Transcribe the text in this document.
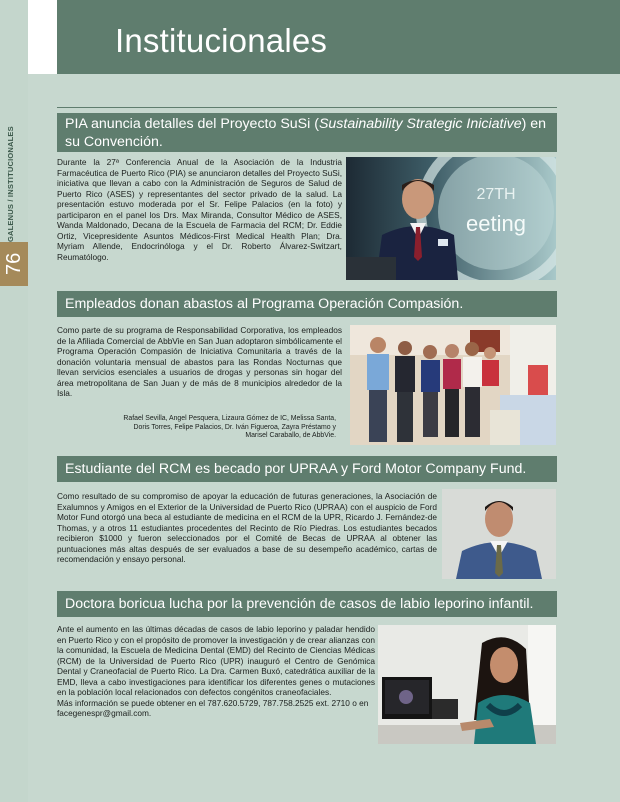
GALENUS / INSTITUCIONALES
76
Institucionales
PIA anuncia detalles del Proyecto SuSi (Sustainability Strategic Iniciative) en su Convención.
Durante la 27ª Conferencia Anual de la Asociación de la Industria Farmacéutica de Puerto Rico (PIA) se anunciaron detalles del Proyecto SuSi, iniciativa que llevan a cabo con la Administración de Seguros de Salud de Puerto Rico (ASES) y representantes del sector privado de la salud. La presentación estuvo moderada por el Sr. Felipe Palacios (en la foto) y participaron en el panel los Drs. Max Miranda, Consultor Médico de ASES, Wanda Maldonado, Decana de la Escuela de Farmacia del RCM; Dr. Eddie Ortiz, Vicepresidente Asuntos Médicos-First Medical Health Plan; Dra. Myriam Allende, Endocrinóloga y el Dr. Roberto Álvarez-Switzart, Reumatólogo.
27TH
eeting
Empleados donan abastos al Programa Operación Compasión.
Como parte de su programa de Responsabilidad Corporativa, los empleados de la Afiliada Comercial de AbbVie en San Juan adoptaron simbólicamente el Programa Operación Compasión de Iniciativa Comunitaria a través de la donación voluntaria mensual de abastos para las Rondas Nocturnas que llevan servicios esenciales a usuarios de drogas y personas sin hogar del área metropolitana de San Juan y de más de 8 municipios alrededor de la Isla.
Rafael Sevilla, Angel Pesquera, Lizaura Gómez de IC, Melissa Santa, Doris Torres, Felipe Palacios, Dr. Iván Figueroa, Zayra Préstamo y Marisel Caraballo, de AbbVie.
Estudiante del RCM es becado por UPRAA y Ford Motor Company Fund.
Como resultado de su compromiso de apoyar la educación de futuras generaciones, la Asociación de Exalumnos y Amigos en el Exterior de la Universidad de Puerto Rico (UPRAA) con el auspicio de Ford Motor Fund otorgó una beca al estudiante de medicina en el RCM de la UPR, Ricardo J. Fernández-de Thomas, y a otros 11 estudiantes procedentes del Recinto de Río Piedras. Los estudiantes becados recibieron $1000 y fueron seleccionados por el Comité de Becas de UPRAA al obtener las puntuaciones más altas después de ser evaluados a base de su desempeño académico, cartas de recomendación y ensayo personal.
Doctora boricua lucha por la prevención de casos de labio leporino infantil.

Ante el aumento en las últimas décadas de casos de labio leporino y paladar hendido en Puerto Rico y con el propósito de promover la investigación y de crear alianzas con la comunidad, la Escuela de Medicina Dental (EMD) del Recinto de Ciencias Médicas (RCM) de la Universidad de Puerto Rico (UPR) inauguró el Centro de Genómica Dental y Craneofacial de Puerto Rico. La Dra. Carmen Buxó, catedrática auxiliar de la EMD, lleva a cabo investigaciones para identificar los diferentes genes o mutaciones en la población local relacionados con defectos congénitos craneofaciales.

Más información se puede obtener en el 787.620.5729, 787.758.2525 ext. 2710 o en facegenespr@gmail.com.
